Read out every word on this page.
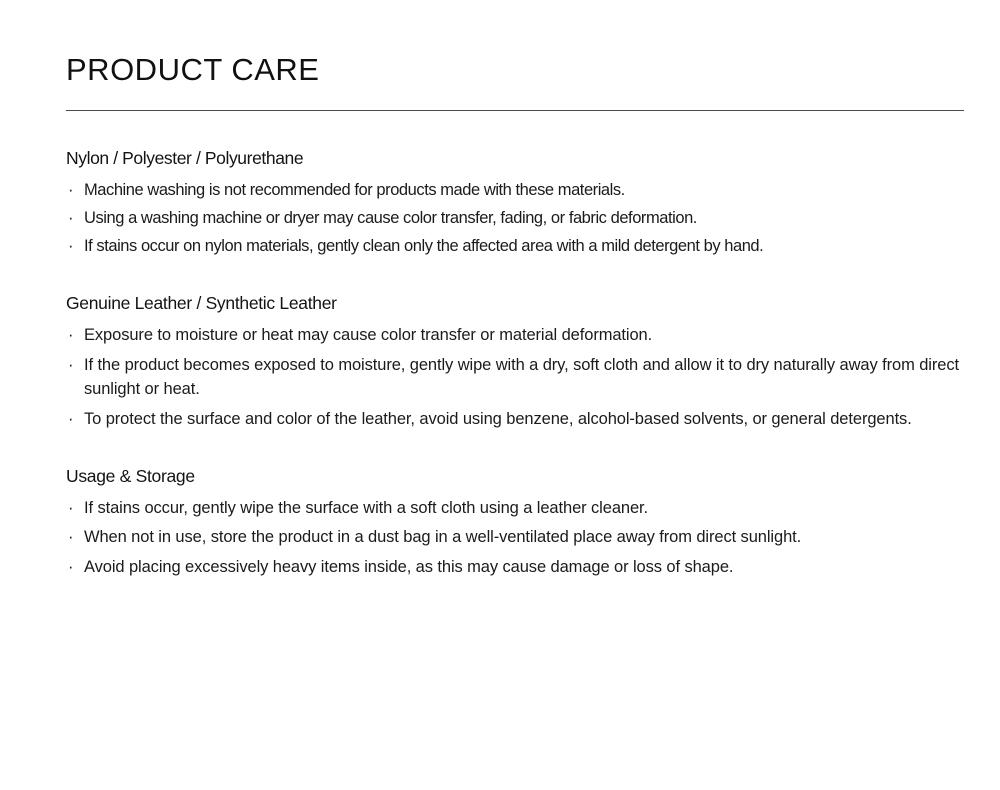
PRODUCT CARE
Nylon / Polyester / Polyurethane
· Machine washing is not recommended for products made with these materials.
· Using a washing machine or dryer may cause color transfer, fading, or fabric deformation.
· If stains occur on nylon materials, gently clean only the affected area with a mild detergent by hand.
Genuine Leather / Synthetic Leather
· Exposure to moisture or heat may cause color transfer or material deformation.
· If the product becomes exposed to moisture, gently wipe with a dry, soft cloth and allow it to dry naturally away from direct sunlight or heat.
· To protect the surface and color of the leather, avoid using benzene, alcohol-based solvents, or general detergents.
Usage & Storage
· If stains occur, gently wipe the surface with a soft cloth using a leather cleaner.
· When not in use, store the product in a dust bag in a well-ventilated place away from direct sunlight.
· Avoid placing excessively heavy items inside, as this may cause damage or loss of shape.
